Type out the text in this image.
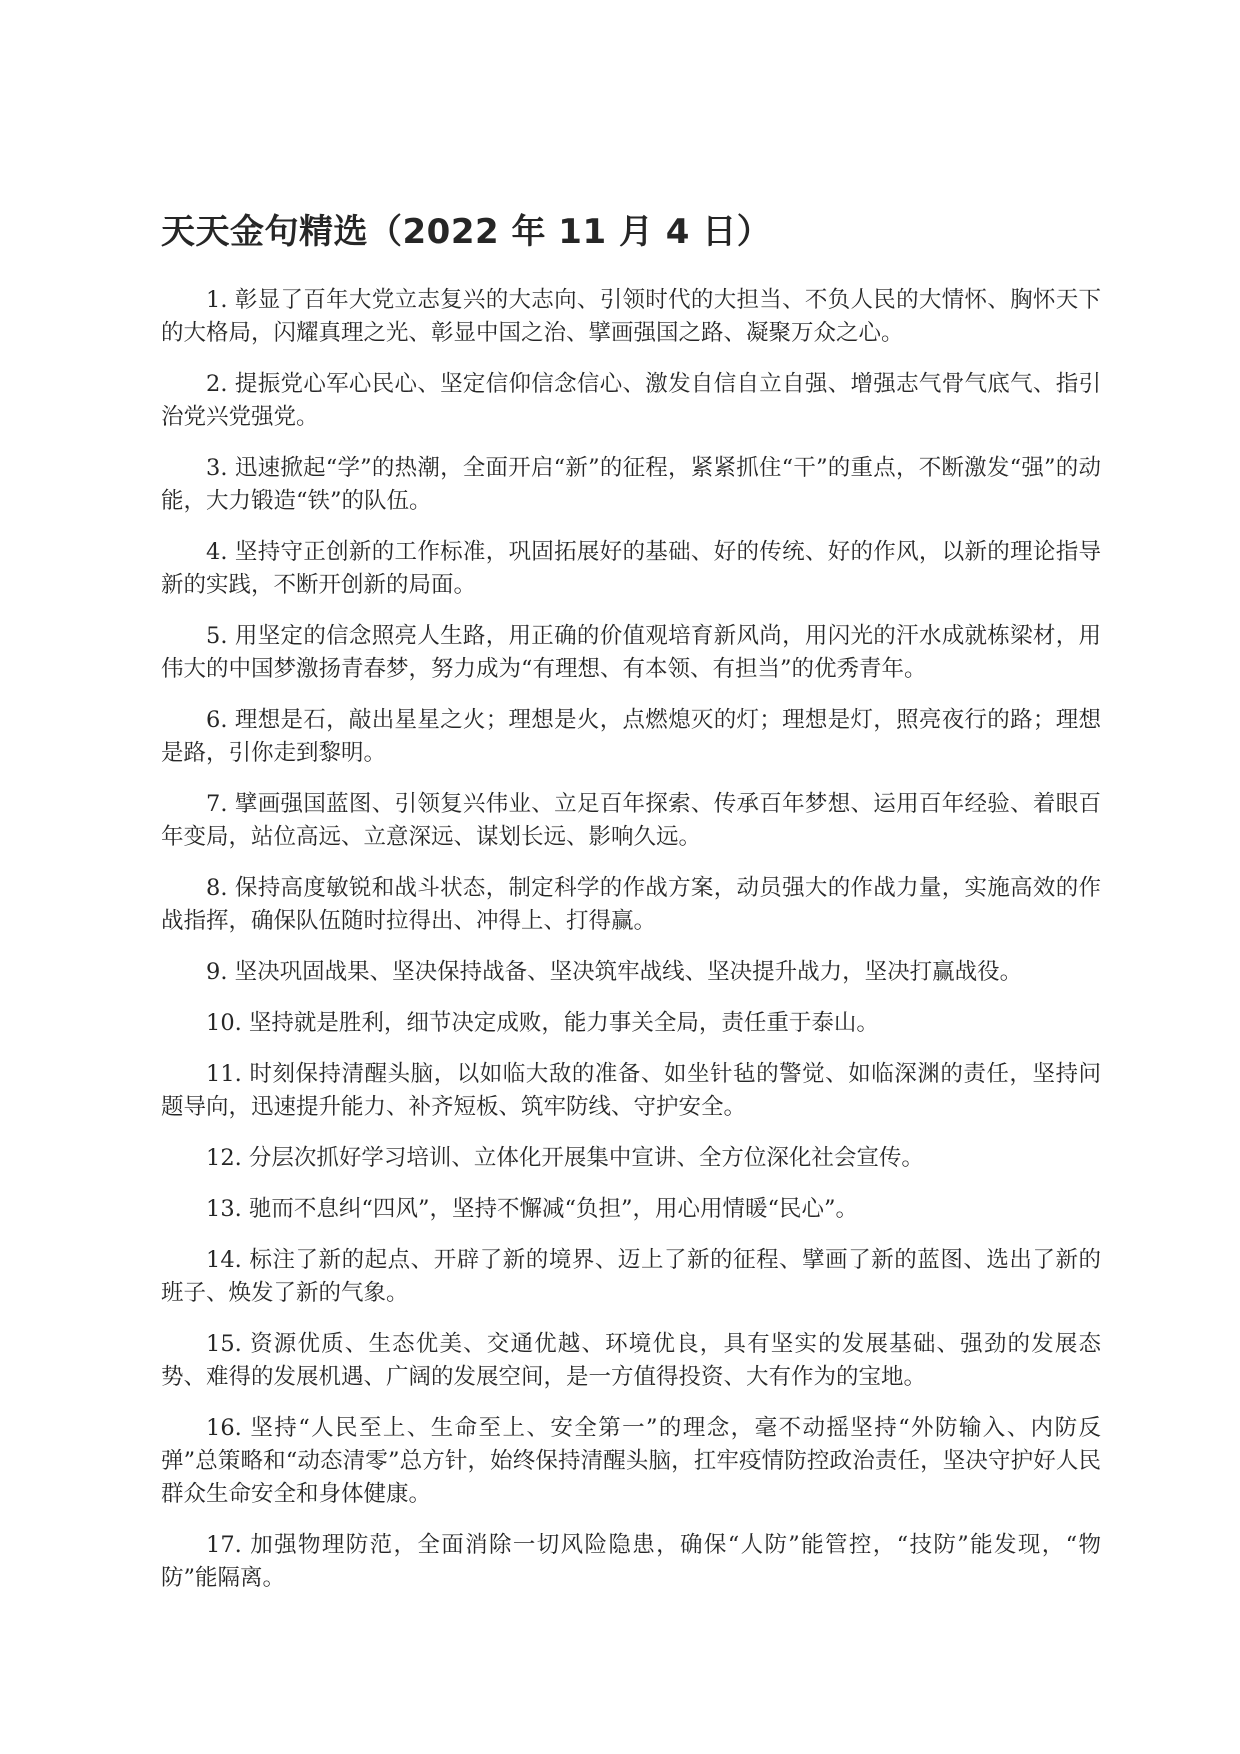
天天金句精选（2022 年 11 月 4 日）

1. 彰显了百年大党立志复兴的大志向、引领时代的大担当、不负人民的大情怀、胸怀天下的大格局，闪耀真理之光、彰显中国之治、擘画强国之路、凝聚万众之心。

2. 提振党心军心民心、坚定信仰信念信心、激发自信自立自强、增强志气骨气底气、指引治党兴党强党。

3. 迅速掀起“学”的热潮，全面开启“新”的征程，紧紧抓住“干”的重点，不断激发“强”的动能，大力锻造“铁”的队伍。

4. 坚持守正创新的工作标准，巩固拓展好的基础、好的传统、好的作风，以新的理论指导新的实践，不断开创新的局面。

5. 用坚定的信念照亮人生路，用正确的价值观培育新风尚，用闪光的汗水成就栋梁材，用伟大的中国梦激扬青春梦，努力成为“有理想、有本领、有担当”的优秀青年。

6. 理想是石，敲出星星之火；理想是火，点燃熄灭的灯；理想是灯，照亮夜行的路；理想是路，引你走到黎明。

7. 擘画强国蓝图、引领复兴伟业、立足百年探索、传承百年梦想、运用百年经验、着眼百年变局，站位高远、立意深远、谋划长远、影响久远。

8. 保持高度敏锐和战斗状态，制定科学的作战方案，动员强大的作战力量，实施高效的作战指挥，确保队伍随时拉得出、冲得上、打得赢。

9. 坚决巩固战果、坚决保持战备、坚决筑牢战线、坚决提升战力，坚决打赢战役。

10. 坚持就是胜利，细节决定成败，能力事关全局，责任重于泰山。

11. 时刻保持清醒头脑，以如临大敌的准备、如坐针毡的警觉、如临深渊的责任，坚持问题导向，迅速提升能力、补齐短板、筑牢防线、守护安全。

12. 分层次抓好学习培训、立体化开展集中宣讲、全方位深化社会宣传。

13. 驰而不息纠“四风”，坚持不懈减“负担”，用心用情暖“民心”。

14. 标注了新的起点、开辟了新的境界、迈上了新的征程、擘画了新的蓝图、选出了新的班子、焕发了新的气象。

15. 资源优质、生态优美、交通优越、环境优良，具有坚实的发展基础、强劲的发展态势、难得的发展机遇、广阔的发展空间，是一方值得投资、大有作为的宝地。

16. 坚持“人民至上、生命至上、安全第一”的理念，毫不动摇坚持“外防输入、内防反弹”总策略和“动态清零”总方针，始终保持清醒头脑，扛牢疫情防控政治责任，坚决守护好人民群众生命安全和身体健康。

17. 加强物理防范，全面消除一切风险隐患，确保“人防”能管控，“技防”能发现，“物防”能隔离。
